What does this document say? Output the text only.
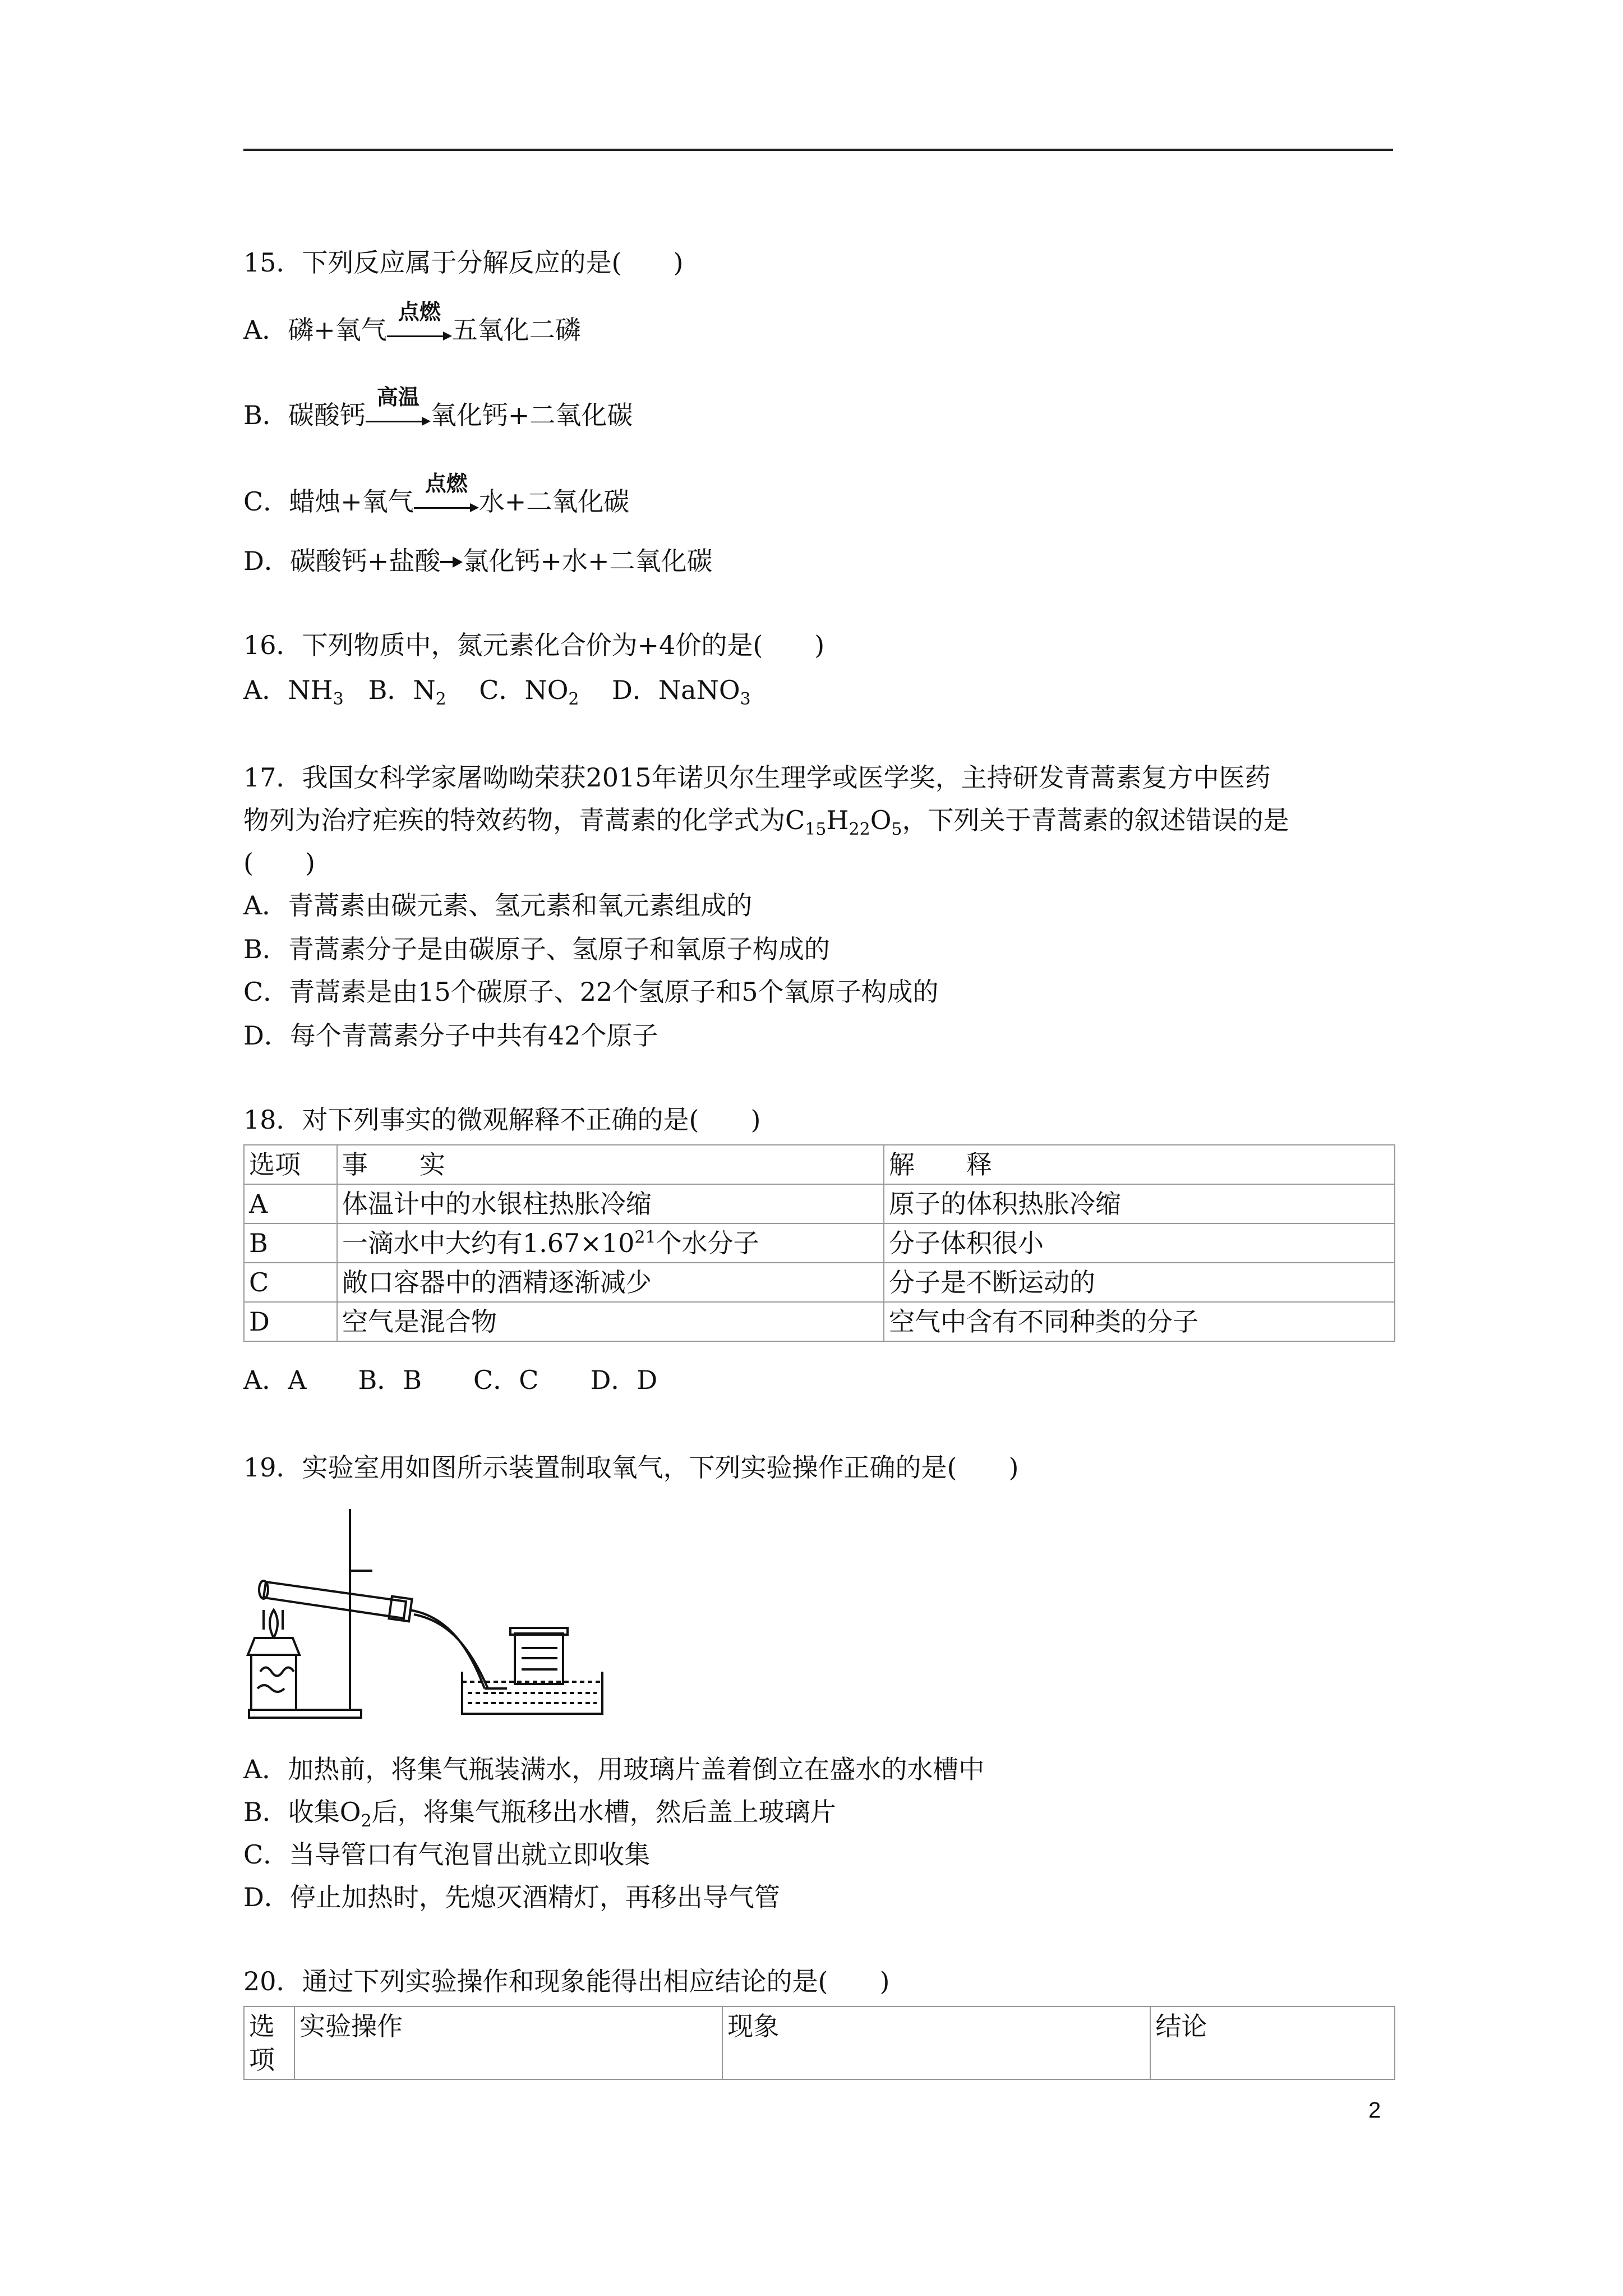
15．下列反应属于分解反应的是(　　)
A．磷+氧气
点燃
五氧化二磷
B．碳酸钙
高温
氧化钙+二氧化碳
C．蜡烛+氧气
点燃
水+二氧化碳
D．碳酸钙+盐酸 氯化钙+水+二氧化碳
16．下列物质中，氮元素化合价为+4价的是(　　)
A．$NH_3$ B．$N_2$ C．$NO_2$ D．NaNO$_3$
17．我国女科学家屠呦呦荣获2015年诺贝尔生理学或医学奖，主持研发青蒿素复方中医药
物列为治疗疟疾的特效药物，青蒿素的化学式为$C_{15}H_{22}O_5$，下列关于青蒿素的叙述错误的是
(　　)
A．青蒿素由碳元素、氢元素和氧元素组成的
B．青蒿素分子是由碳原子、氢原子和氧原子构成的
C．青蒿素是由15个碳原子、22个氢原子和5个氧原子构成的
D．每个青蒿素分子中共有42个原子
18．对下列事实的微观解释不正确的是(　　)
选项	事　　实	解　　释
A	体温计中的水银柱热胀冷缩	原子的体积热胀冷缩
B	一滴水中大约有$1.67\times 10^{21}$个水分子	分子体积很小
C	敞口容器中的酒精逐渐减少	分子是不断运动的
D	空气是混合物	空气中含有不同种类的分子
A．A　　B．B　　C．C　　D．D
19．实验室用如图所示装置制取氧气，下列实验操作正确的是(　　)
A．加热前，将集气瓶装满水，用玻璃片盖着倒立在盛水的水槽中
B．收集$O_2$后，将集气瓶移出水槽，然后盖上玻璃片
C．当导管口有气泡冒出就立即收集
D．停止加热时，先熄灭酒精灯，再移出导气管
20．通过下列实验操作和现象能得出相应结论的是(　　)
选
项	实验操作	现象	结论
2
